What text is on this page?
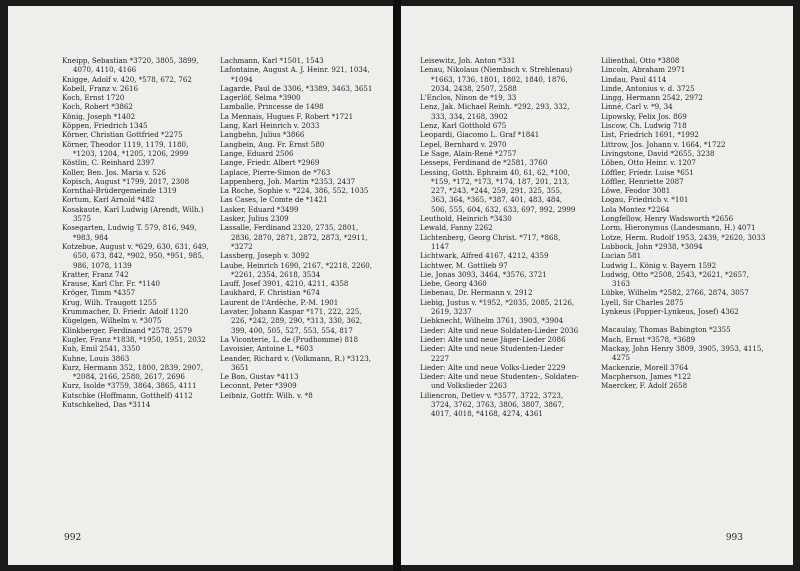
Kneipp, Sebastian *3720, 3805, 3899, 4070, 4110, 4166
Knigge, Adolf v. 420, *578, 672, 762
Kobell, Franz v. 2616
Koch, Ernst 1720
Koch, Robert *3862
König, Joseph *1402
Köppen, Friedrich 1345
Körner, Christian Gottfried *2275
Körner, Theodor 1119, 1179, 1180, *1203, 1204, *1205, 1206, 2999
Köstlin, C. Reinhard 2397
Koller, Ben. Jos. Maria v. 526
Kopisch, August *1799, 2017, 2308
Kornthal-Brüdergemeinde 1319
Kortum, Karl Arnold *482
Kosakaute, Karl Ludwig (Arendt, Wilh.) 3575
Kosegarten, Ludwig T. 579, 816, 949, *983, 984
Kotzebue, August v. *629, 630, 631, 649, 650, 673, 842, *902, 950, *951, 985, 986, 1078, 1139
Kratter, Franz 742
Krause, Karl Chr. Fr. *1140
Kröger, Timm *4357
Krug, Wilh. Traugott 1255
Krummacher, D. Friedr. Adolf 1120
Kügelgen, Wilhelm v. *3075
Klinkberger, Ferdinand *2578, 2579
Kugler, Franz *1838, *1950, 1951, 2032
Kuh, Emil 2541, 3350
Kuhne, Louis 3863
Kurz, Hermann 352, 1800, 2839, 2907, *2084, 2166, 2580, 2617, 2696
Kurz, Isolde *3759, 3864, 3865, 4111
Kutschke (Hoffmann, Gotthelf) 4112
Kutschkelied, Das *3114
Lachmann, Karl *1501, 1543
Lafontaine, August A. J. Heinr. 921, 1034, *1094
Lagarde, Paul de 3306, *3389, 3463, 3651
Lagerlöf, Selma *3900
Lamballe, Princesse de 1498
La Mennais, Hugues F. Robert *1721
Lang, Karl Heinrich v. 2033
Langbehn, Julius *3866
Langbein, Aug. Fr. Ernst 580
Lange, Eduard 2506
Lange, Friedr. Albert *2969
Laplace, Pierre-Simon de *763
Lappenberg, Joh. Martin *2353, 2437
La Roche, Sophie v. *224, 386, 552, 1035
Las Cases, le Comte de *1421
Lasker, Eduard *3499
Lasker, Julius 2309
Lassalle, Ferdinand 2320, 2735, 2801, 2836, 2870, 2871, 2872, 2873, *2911, *3272
Lassberg, Joseph v. 3092
Laube, Heinrich 1690, 2167, *2218, 2260, *2261, 2354, 2618, 3534
Lauff, Josef 3901, 4210, 4211, 4358
Laukhard, F. Christian *674
Laurent de l'Ardèche, P.-M. 1901
Lavater, Johann Kaspar *171, 222, 225, 226, *242, 289, 290, *313, 330, 362, 399, 400, 505, 527, 553, 554, 817
La Viconterie, L. de (Prudhomme) 818
Lavoisier, Antoine L. *603
Leander, Richard v. (Volkmann, R.) *3123, 3651
Le Bon, Gustav *4113
Leconnt, Peter *3909
Leibniz, Gottfr. Wilh. v. *8
992
Leisewitz, Joh. Anton *331
Lenau, Nikolaus (Niembsch v. Strehlenau) *1663, 1736, 1801, 1802, 1840, 1876, 2034, 2438, 2507, 2588
L'Enclos, Ninon de *19, 33
Lenz, Jak. Michael Reinh. *292, 293, 332, 333, 334, 2168, 3902
Lenz, Karl Gotthold 675
Leopardi, Giacomo L. Graf *1841
Lepel, Bernhard v. 2970
Le Sage, Alain-René *2757
Lesseps, Ferdinand de *2581, 3760
Lessing, Gotth. Ephraim 40, 61, 62, *100, *159, *172, *173, *174, 187, 201, 213, 227, *243, *244, 259, 291, 325, 355, 363, 364, *365, *387, 401, 483, 484, 506, 555, 604, 632, 633, 697, 992, 2999
Leuthold, Heinrich *3430
Lewald, Fanny 2262
Lichtenberg, Georg Christ. *717, *868, 1147
Lichtwark, Alfred 4167, 4212, 4359
Lichtwer, M. Gottlieb 97
Lie, Jonas 3093, 3464, *3576, 3721
Liebe, Georg 4360
Liebenau, Dr. Hermann v. 2912
Liebig, Justus v. *1952, *2035, 2085, 2126, 2619, 3237
Liebknecht, Wilhelm 3761, 3903, *3904
Lieder: Alte und neue Soldaten-Lieder 2036
Lieder: Alte und neue Jäger-Lieder 2086
Lieder: Alte und neue Studenten-Lieder 2227
Lieder: Alte und neue Volks-Lieder 2229
Lieder: Alte und neue Studenten-, Soldaten- und Volkslieder 2263
Liliencron, Detlev v. *3577, 3722, 3723, 3724, 3762, 3763, 3806, 3807, 3867, 4017, 4018, *4168, 4274, 4361
Lilienthal, Otto *3808
Lincoln, Abraham 2971
Lindau, Paul 4114
Linde, Antonius v. d. 3725
Lingg, Hermann 2542, 2972
Linné, Carl v. *9, 34
Lipowsky, Felix Jos. 869
Liscow, Ch. Ludwig 718
List, Friedrich 1691, *1992
Littrow, Jos. Johann v. 1664, *1722
Livingstone, David *2655, 3238
Löben, Otto Heinr. v. 1207
Löffler, Friedr. Luise *651
Löffler, Henriette 2087
Löwe, Feodor 3081
Logau, Friedrich v. *101
Lola Montez *2264
Longfellow, Henry Wadsworth *2656
Lorm, Hieronymus (Landesmann, H.) 4071
Lotze, Herm. Rudolf 1953, 2439, *2620, 3033
Lubbock, John *2938, *3094
Lucian 581
Ludwig I., König v. Bayern 1592
Ludwig, Otto *2508, 2543, *2621, *2657, 3163
Lübke, Wilhelm *2582, 2766, 2874, 3057
Lyell, Sir Charles 2875
Lynkeus (Popper-Lynkeus, Josef) 4362
Macaulay, Thomas Babington *2355
Mach, Ernst *3578, *3689
Mackay, John Henry 3809, 3905, 3953, 4115, 4275
Mackenzie, Morell 3764
Macpherson, James *122
Maercker, F. Adolf 2658
993
